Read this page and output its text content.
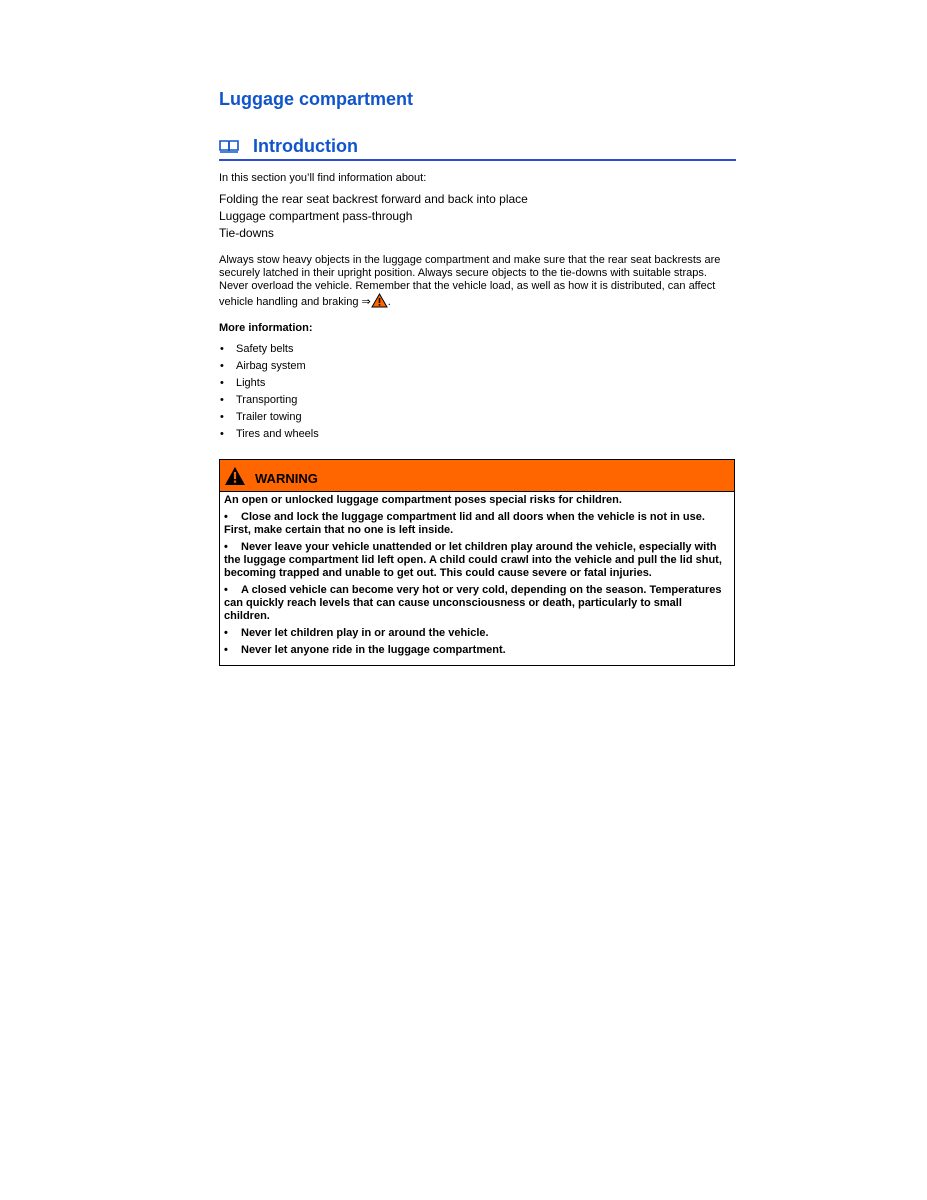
Luggage compartment
Introduction
In this section you’ll find information about:
Folding the rear seat backrest forward and back into place
Luggage compartment pass-through
Tie-downs
Always stow heavy objects in the luggage compartment and make sure that the rear seat backrests are securely latched in their upright position. Always secure objects to the tie-downs with suitable straps. Never overload the vehicle. Remember that the vehicle load, as well as how it is distributed, can affect vehicle handling and braking ⇒ .
More information:
• Safety belts
• Airbag system
• Lights
• Transporting
• Trailer towing
• Tires and wheels
WARNING

An open or unlocked luggage compartment poses special risks for children.

• Close and lock the luggage compartment lid and all doors when the vehicle is not in use. First, make certain that no one is left inside.
• Never leave your vehicle unattended or let children play around the vehicle, especially with the luggage compartment lid left open. A child could crawl into the vehicle and pull the lid shut, becoming trapped and unable to get out. This could cause severe or fatal injuries.
• A closed vehicle can become very hot or very cold, depending on the season. Temperatures can quickly reach levels that can cause unconsciousness or death, particularly to small children.
• Never let children play in or around the vehicle.
• Never let anyone ride in the luggage compartment.
